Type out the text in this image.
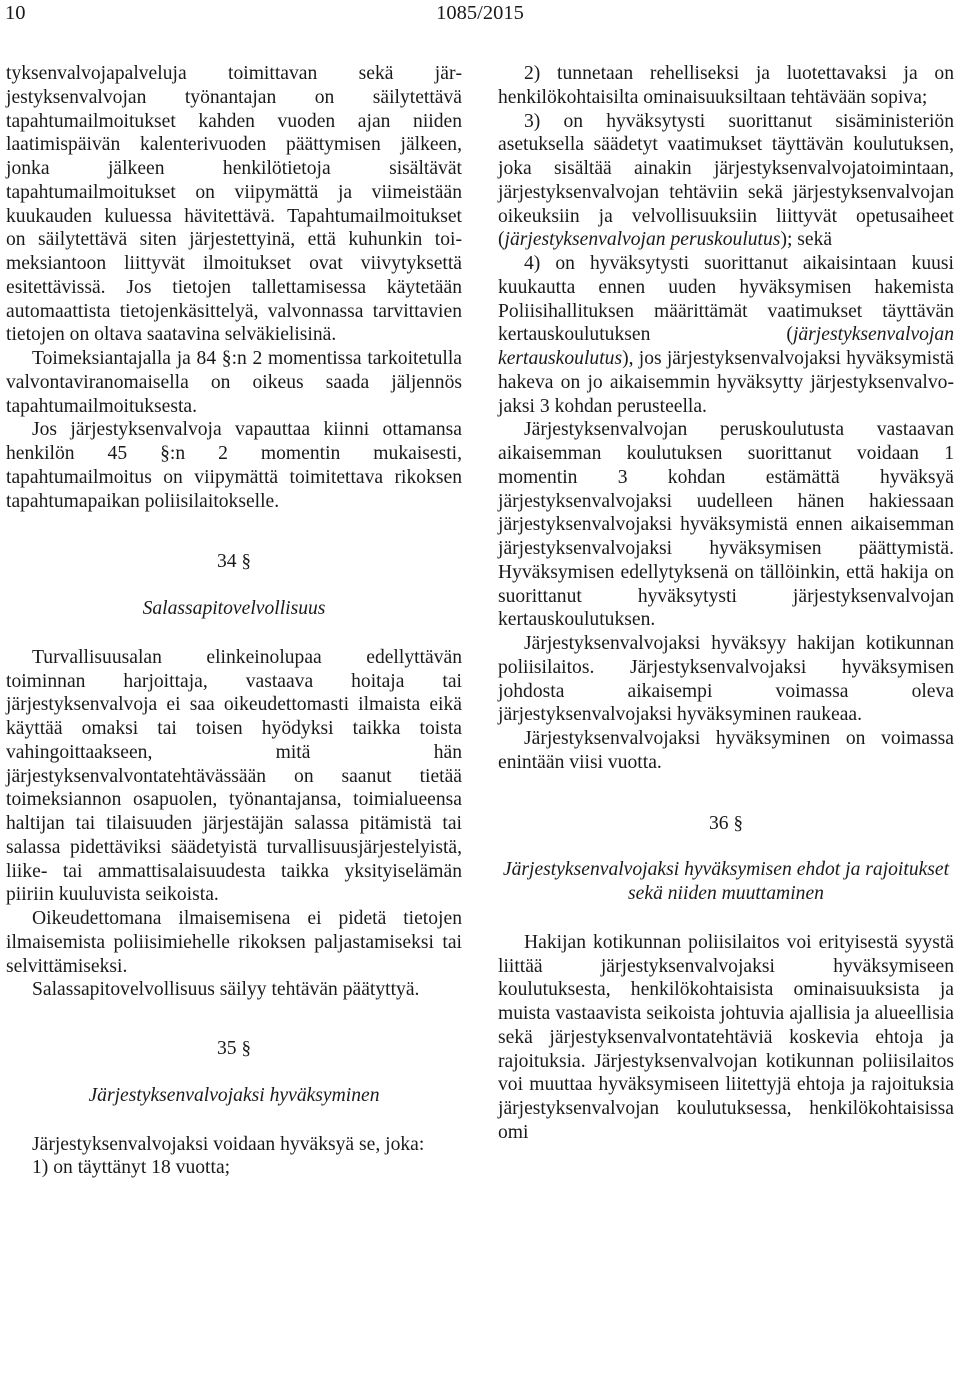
10	1085/2015

tyksenvalvojapalveluja toimittavan sekä järjestyksenvalvojan työnantajan on säilytettävä tapahtumailmoitukset kahden vuoden ajan niiden laatimispäivän kalenterivuoden päättymisen jälkeen, jonka jälkeen henkilötietoja sisältävät tapahtumailmoitukset on viipymättä ja viimeistään kuukauden kuluessa hävitettävä. Tapahtumailmoitukset on säilytettävä siten järjestettyinä, että kuhunkin toimeksiantoon liittyvät ilmoitukset ovat viivytyksettä esitettävissä. Jos tietojen tallettamisessa käytetään automaattista tietojenkäsittelyä, valvonnassa tarvittavien tietojen on oltava saatavina selväkielisinä.

Toimeksiantajalla ja 84 §:n 2 momentissa tarkoitetulla valvontaviranomaisella on oikeus saada jäljennös tapahtumailmoituksesta.

Jos järjestyksenvalvoja vapauttaa kiinni ottamansa henkilön 45 §:n 2 momentin mukaisesti, tapahtumailmoitus on viipymättä toimitettava rikoksen tapahtumapaikan poliisilaitokselle.

34 §

Salassapitovelvollisuus

Turvallisuusalan elinkeinolupaa edellyttävän toiminnan harjoittaja, vastaava hoitaja tai järjestyksenvalvoja ei saa oikeudettomasti ilmaista eikä käyttää omaksi tai toisen hyödyksi taikka toista vahingoittaakseen, mitä hän järjestyksenvalvontatehtävässään on saanut tietää toimeksiannon osapuolen, työnantajansa, toimialueensa haltijan tai tilaisuuden järjestäjän salassa pitämistä tai salassa pidettäviksi säädetyistä turvallisuusjärjestelyistä, liike- tai ammattisalaisuudesta taikka yksityiselämän piiriin kuuluvista seikoista.

Oikeudettomana ilmaisemisena ei pidetä tietojen ilmaisemista poliisimiehelle rikoksen paljastamiseksi tai selvittämiseksi.

Salassapitovelvollisuus säilyy tehtävän päätyttyä.

35 §

Järjestyksenvalvojaksi hyväksyminen

Järjestyksenvalvojaksi voidaan hyväksyä se, joka:

1) on täyttänyt 18 vuotta;

2) tunnetaan rehelliseksi ja luotettavaksi ja on henkilökohtaisilta ominaisuuksiltaan tehtävään sopiva;

3) on hyväksytysti suorittanut sisäministeriön asetuksella säädetyt vaatimukset täyttävän koulutuksen, joka sisältää ainakin järjestyksenvalvojatoimintaan, järjestyksenvalvojan tehtäviin sekä järjestyksenvalvojan oikeuksiin ja velvollisuuksiin liittyvät opetusaiheet (järjestyksenvalvojan peruskoulutus); sekä

4) on hyväksytysti suorittanut aikaisintaan kuusi kuukautta ennen uuden hyväksymisen hakemista Poliisihallituksen määrittämät vaatimukset täyttävän kertauskoulutuksen (järjestyksenvalvojan kertauskoulutus), jos järjestyksenvalvojaksi hyväksymistä hakeva on jo aikaisemmin hyväksytty järjestyksenvalvojaksi 3 kohdan perusteella.

Järjestyksenvalvojan peruskoulutusta vastaavan aikaisemman koulutuksen suorittanut voidaan 1 momentin 3 kohdan estämättä hyväksyä järjestyksenvalvojaksi uudelleen hänen hakiessaan järjestyksenvalvojaksi hyväksymistä ennen aikaisemman järjestyksenvalvojaksi hyväksymisen päättymistä. Hyväksymisen edellytyksenä on tällöinkin, että hakija on suorittanut hyväksytysti järjestyksenvalvojan kertauskoulutuksen.

Järjestyksenvalvojaksi hyväksyy hakijan kotikunnan poliisilaitos. Järjestyksenvalvojaksi hyväksymisen johdosta aikaisempi voimassa oleva järjestyksenvalvojaksi hyväksyminen raukeaa.

Järjestyksenvalvojaksi hyväksyminen on voimassa enintään viisi vuotta.

36 §

Järjestyksenvalvojaksi hyväksymisen ehdot ja rajoitukset sekä niiden muuttaminen

Hakijan kotikunnan poliisilaitos voi erityisestä syystä liittää järjestyksenvalvojaksi hyväksymiseen koulutuksesta, henkilökohtaisista ominaisuuksista ja muista vastaavista seikoista johtuvia ajallisia ja alueellisia sekä järjestyksenvalvontatehtäviä koskevia ehtoja ja rajoituksia. Järjestyksenvalvojan kotikunnan poliisilaitos voi muuttaa hyväksymiseen liitettyjä ehtoja ja rajoituksia järjestyksenvalvojan koulutuksessa, henkilökohtaisissa omi
